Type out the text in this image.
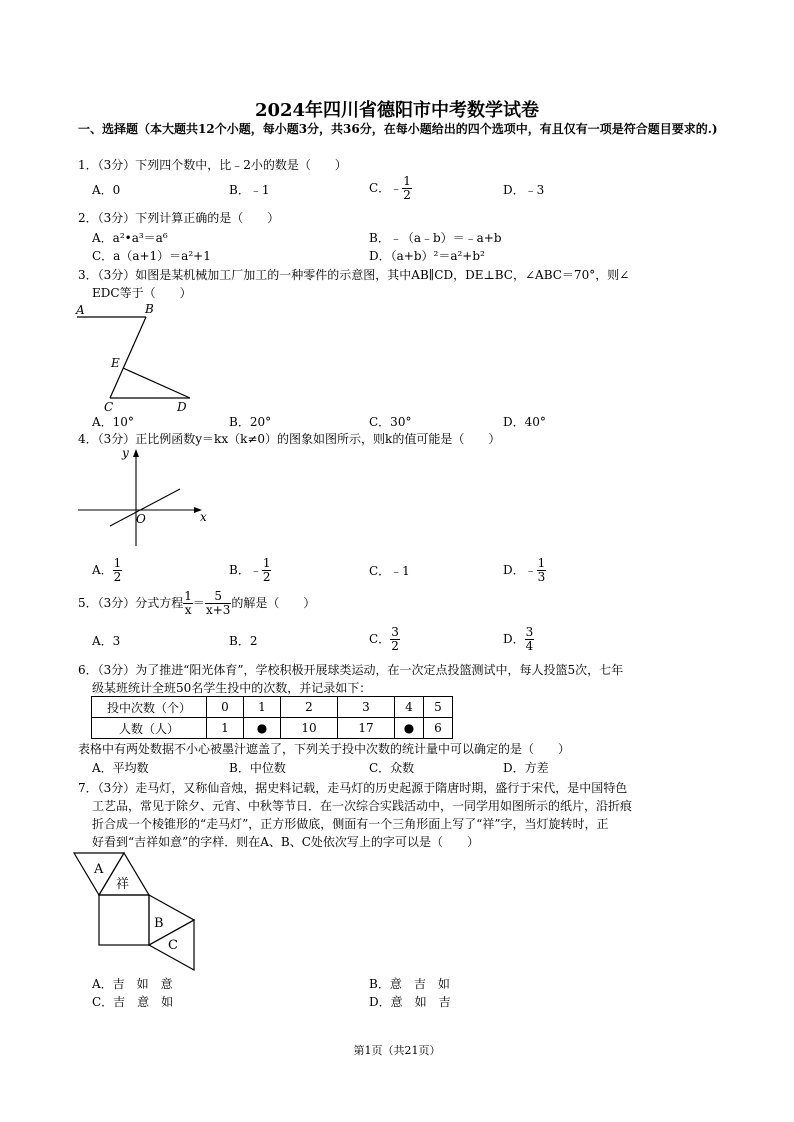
2024年四川省德阳市中考数学试卷
一、选择题（本大题共12个小题，每小题3分，共36分，在每小题给出的四个选项中，有且仅有一项是符合题目要求的.)
1．（3分）下列四个数中，比﹣2小的数是（　　）
A．0	B．﹣1	C．﹣ $\frac{1}{2}$	D．﹣3
2．（3分）下列计算正确的是（　　）
A．a²•a³＝a⁶	B．﹣（a﹣b）＝﹣a+b
C．a（a+1）＝a²+1	D．（a+b）²＝a²+b²
3．（3分）如图是某机械加工厂加工的一种零件的示意图，其中AB∥CD，DE⊥BC，∠ABC＝70°，则∠
EDC等于（　　）
A	B
E
C	D
A．10°	B．20°	C．30°	D．40°
4．（3分）正比例函数y＝kx（k≠0）的图象如图所示，则k的值可能是（　　）
y
x
O
A． $\frac{1}{2}$	B．﹣ $\frac{1}{2}$	C．﹣1	D．﹣ $\frac{1}{3}$
5．（3分）分式方程 $\frac{1}{x} = \frac{5}{x+3}$ 的解是（　　）
A．3	B．2	C． $\frac{3}{2}$	D． $\frac{3}{4}$
6．（3分）为了推进“阳光体育”，学校积极开展球类运动，在一次定点投篮测试中，每人投篮5次，七年
级某班统计全班50名学生投中的次数，并记录如下：
投中次数（个）	0	1	2	3	4	5
人数（人）	1	●	10	17	●	6
表格中有两处数据不小心被墨汁遮盖了，下列关于投中次数的统计量中可以确定的是（　　）
A．平均数	B．中位数	C．众数	D．方差
7．（3分）走马灯，又称仙音烛，据史料记载，走马灯的历史起源于隋唐时期，盛行于宋代，是中国特色
工艺品，常见于除夕、元宵、中秋等节日．在一次综合实践活动中，一同学用如图所示的纸片，沿折痕
折合成一个棱锥形的“走马灯”，正方形做底，侧面有一个三角形面上写了“祥”字，当灯旋转时，正
好看到“吉祥如意”的字样．则在A、B、C处依次写上的字可以是（　　）
A
祥
B
C
A．吉　如　意	B．意　吉　如
C．吉　意　如	D．意　如　吉
第1页（共21页）
